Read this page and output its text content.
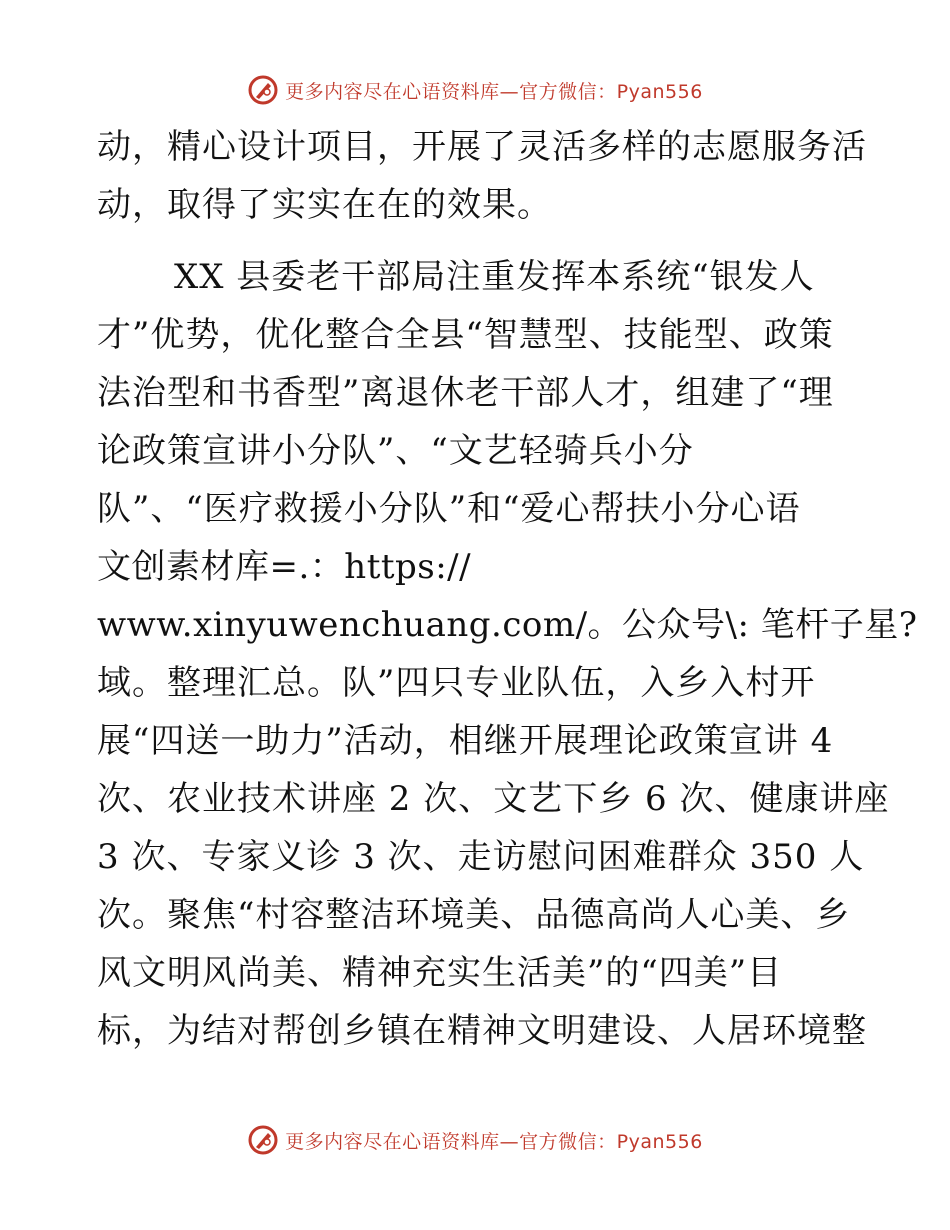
更多内容尽在心语资料库—官方微信：Pyan556
动，精心设计项目，开展了灵活多样的志愿服务活
动，取得了实实在在的效果。
XX 县委老干部局注重发挥本系统“银发人
才”优势，优化整合全县“智慧型、技能型、政策
法治型和书香型”离退休老干部人才，组建了“理
论政策宣讲小分队”、“文艺轻骑兵小分
队”、“医疗救援小分队”和“爱心帮扶小分心语
文创素材库=.：https://
www.xinyuwenchuang.com/。公众号\: 笔杆子星?
域。整理汇总。队”四只专业队伍，入乡入村开
展“四送一助力”活动，相继开展理论政策宣讲 4
次、农业技术讲座 2 次、文艺下乡 6 次、健康讲座
3 次、专家义诊 3 次、走访慰问困难群众 350 人
次。聚焦“村容整洁环境美、品德高尚人心美、乡
风文明风尚美、精神充实生活美”的“四美”目
标，为结对帮创乡镇在精神文明建设、人居环境整
更多内容尽在心语资料库—官方微信：Pyan556
